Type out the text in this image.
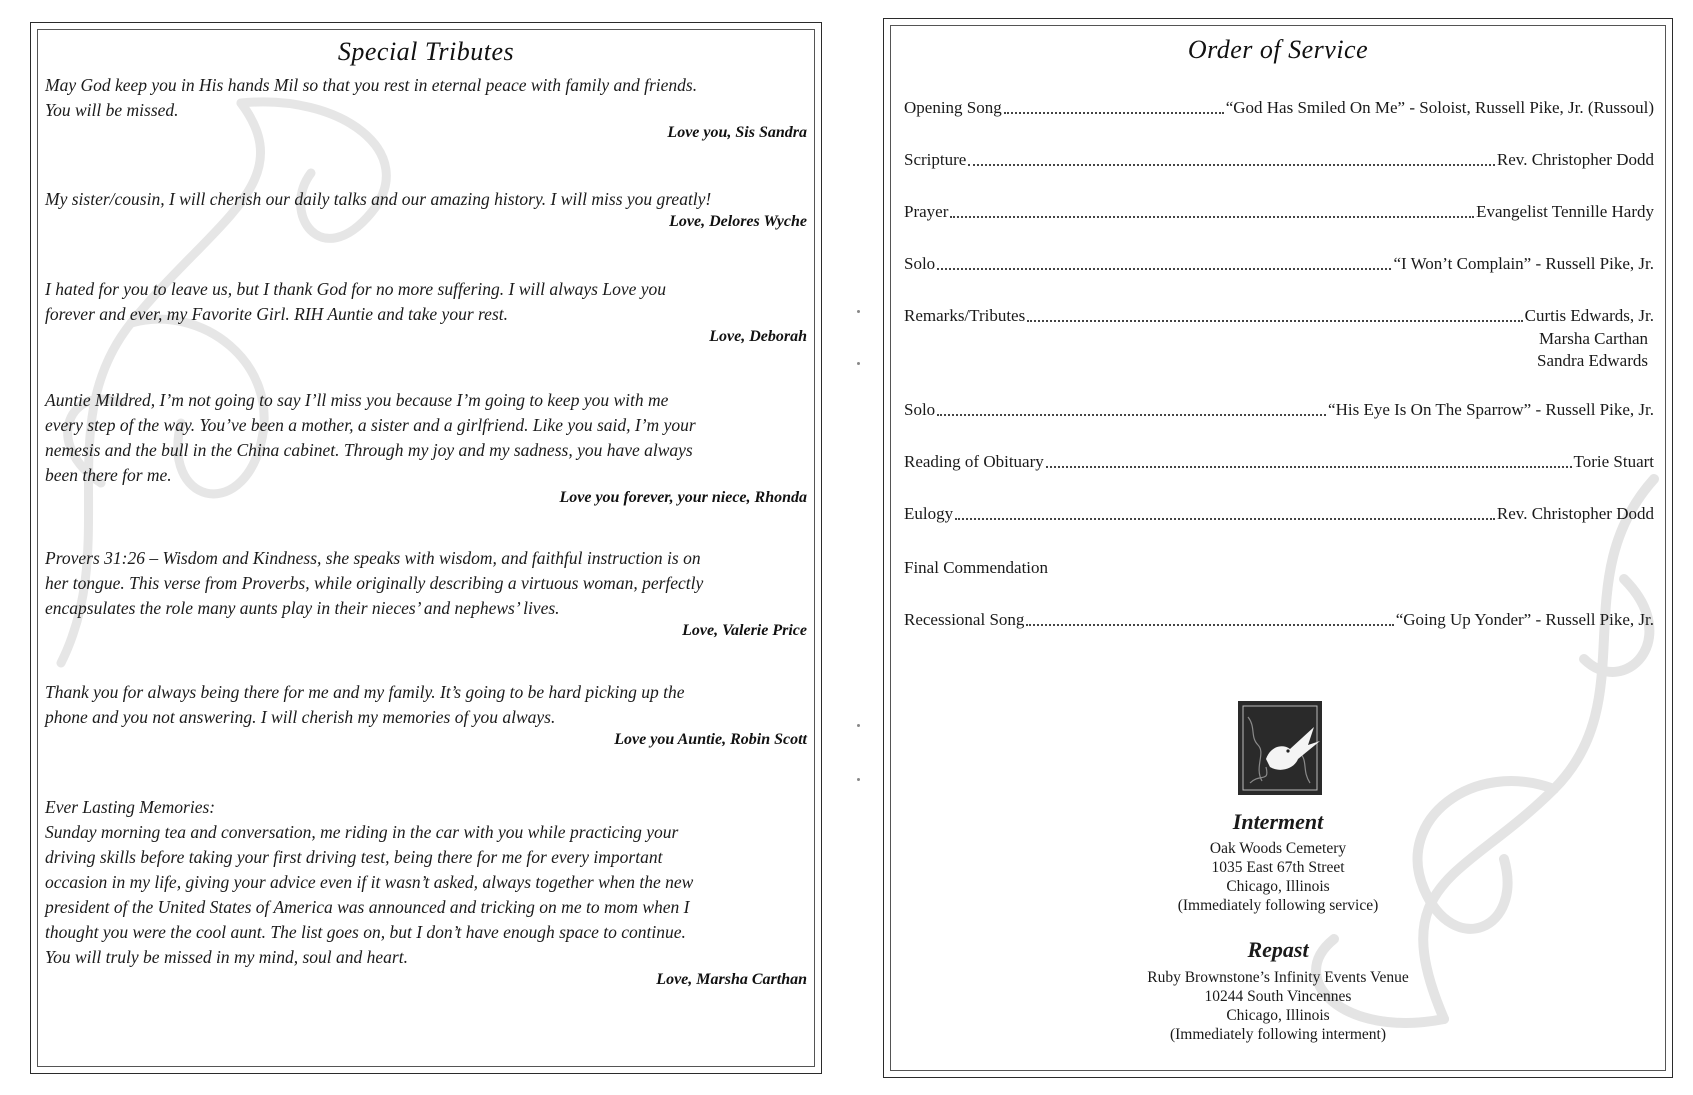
Special Tributes
May God keep you in His hands Mil so that you rest in eternal peace with family and friends.
You will be missed.
Love you, Sis Sandra
My sister/cousin, I will cherish our daily talks and our amazing history. I will miss you greatly!
Love, Delores Wyche
I hated for you to leave us, but I thank God for no more suffering. I will always Love you
forever and ever, my Favorite Girl. RIH Auntie and take your rest.
Love, Deborah
Auntie Mildred, I’m not going to say I’ll miss you because I’m going to keep you with me
every step of the way. You’ve been a mother, a sister and a girlfriend. Like you said, I’m your
nemesis and the bull in the China cabinet. Through my joy and my sadness, you have always
been there for me.
Love you forever, your niece, Rhonda
Provers 31:26 – Wisdom and Kindness, she speaks with wisdom, and faithful instruction is on
her tongue. This verse from Proverbs, while originally describing a virtuous woman, perfectly
encapsulates the role many aunts play in their nieces’ and nephews’ lives.
Love, Valerie Price
Thank you for always being there for me and my family. It’s going to be hard picking up the
phone and you not answering. I will cherish my memories of you always.
Love you Auntie, Robin Scott
Ever Lasting Memories:
Sunday morning tea and conversation, me riding in the car with you while practicing your
driving skills before taking your first driving test, being there for me for every important
occasion in my life, giving your advice even if it wasn’t asked, always together when the new
president of the United States of America was announced and tricking on me to mom when I
thought you were the cool aunt. The list goes on, but I don’t have enough space to continue.
You will truly be missed in my mind, soul and heart.
Love, Marsha Carthan
Order of Service
Opening Song	“God Has Smiled On Me” - Soloist, Russell Pike, Jr. (Russoul)
Scripture	Rev. Christopher Dodd
Prayer	Evangelist Tennille Hardy
Solo	“I Won’t Complain” - Russell Pike, Jr.
Remarks/Tributes	Curtis Edwards, Jr.
Marsha Carthan
Sandra Edwards
Solo	“His Eye Is On The Sparrow” - Russell Pike, Jr.
Reading of Obituary	Torie Stuart
Eulogy	Rev. Christopher Dodd
Final Commendation
Recessional Song	“Going Up Yonder” - Russell Pike, Jr.
Interment
Oak Woods Cemetery
1035 East 67th Street
Chicago, Illinois
(Immediately following service)
Repast
Ruby Brownstone’s Infinity Events Venue
10244 South Vincennes
Chicago, Illinois
(Immediately following interment)
